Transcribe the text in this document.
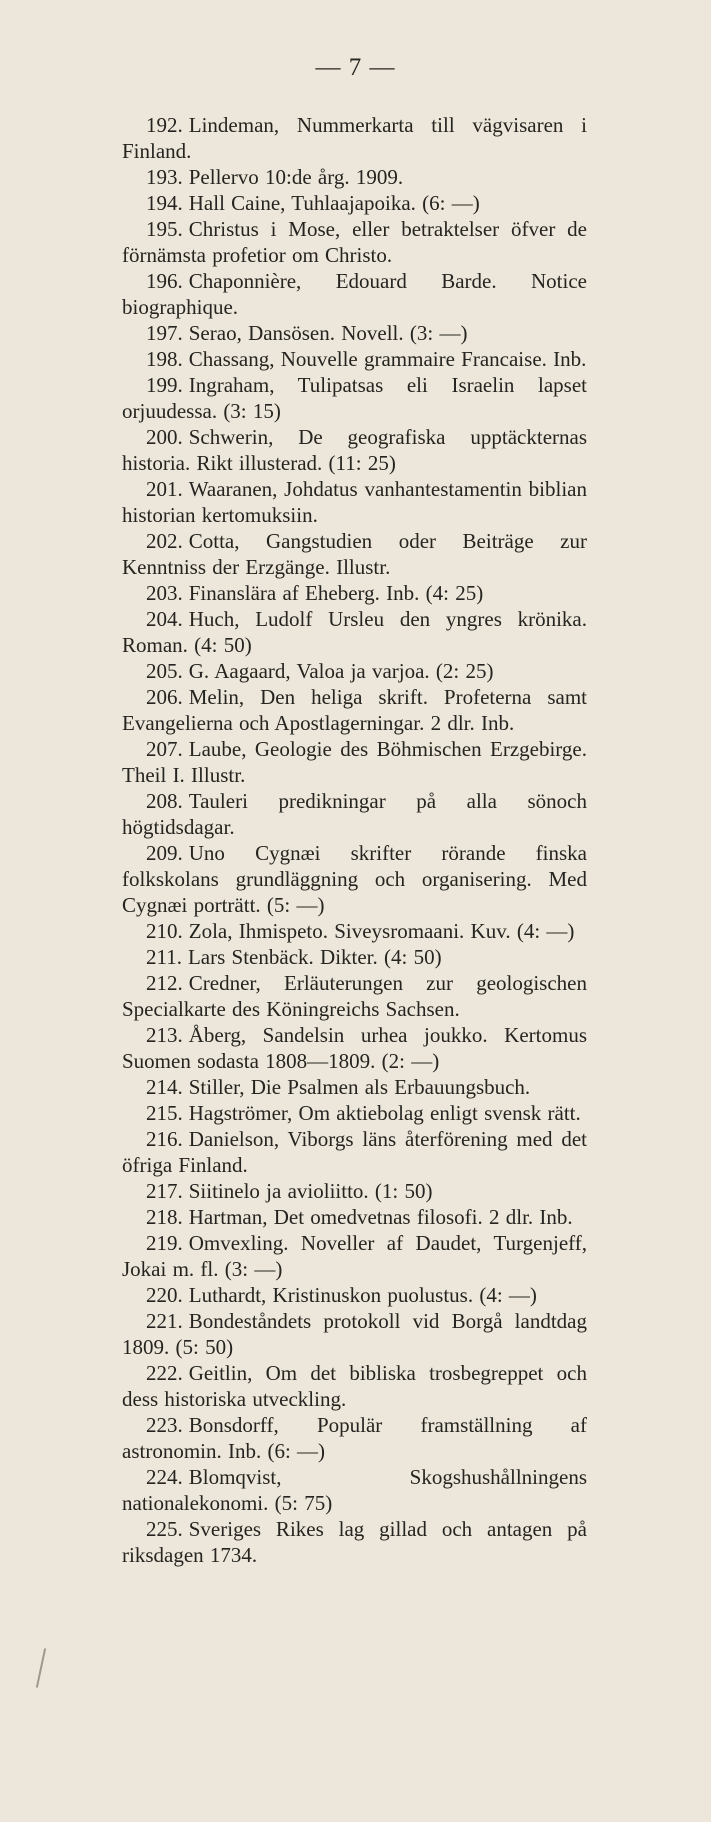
— 7 —
192. Lindeman, Nummerkarta till vägvisaren i Finland.
193. Pellervo 10:de årg. 1909.
194. Hall Caine, Tuhlaajapoika. (6: —)
195. Christus i Mose, eller betraktelser öfver de förnämsta profetior om Christo.
196. Chaponnière, Edouard Barde. Notice biographique.
197. Serao, Dansösen. Novell. (3: —)
198. Chassang, Nouvelle grammaire Francaise. Inb.
199. Ingraham, Tulipatsas eli Israelin lapset orjuudessa. (3: 15)
200. Schwerin, De geografiska upptäckternas historia. Rikt illusterad. (11: 25)
201. Waaranen, Johdatus vanhantestamentin biblian historian kertomuksiin.
202. Cotta, Gangstudien oder Beiträge zur Kenntniss der Erzgänge. Illustr.
203. Finanslära af Eheberg. Inb. (4: 25)
204. Huch, Ludolf Ursleu den yngres krönika. Roman. (4: 50)
205. G. Aagaard, Valoa ja varjoa. (2: 25)
206. Melin, Den heliga skrift. Profeterna samt Evangelierna och Apostlagerningar. 2 dlr. Inb.
207. Laube, Geologie des Böhmischen Erzgebirge. Theil I. Illustr.
208. Tauleri predikningar på alla sönoch högtidsdagar.
209. Uno Cygnæi skrifter rörande finska folkskolans grundläggning och organisering. Med Cygnæi porträtt. (5: —)
210. Zola, Ihmispeto. Siveysromaani. Kuv. (4: —)
211. Lars Stenbäck. Dikter. (4: 50)
212. Credner, Erläuterungen zur geologischen Specialkarte des Köningreichs Sachsen.
213. Åberg, Sandelsin urhea joukko. Kertomus Suomen sodasta 1808—1809. (2: —)
214. Stiller, Die Psalmen als Erbauungsbuch.
215. Hagströmer, Om aktiebolag enligt svensk rätt.
216. Danielson, Viborgs läns återförening med det öfriga Finland.
217. Siitinelo ja avioliitto. (1: 50)
218. Hartman, Det omedvetnas filosofi. 2 dlr. Inb.
219. Omvexling. Noveller af Daudet, Turgenjeff, Jokai m. fl. (3: —)
220. Luthardt, Kristinuskon puolustus. (4: —)
221. Bondeståndets protokoll vid Borgå landtdag 1809. (5: 50)
222. Geitlin, Om det bibliska trosbegreppet och dess historiska utveckling.
223. Bonsdorff, Populär framställning af astronomin. Inb. (6: —)
224. Blomqvist, Skogshushållningens nationalekonomi. (5: 75)
225. Sveriges Rikes lag gillad och antagen på riksdagen 1734.
